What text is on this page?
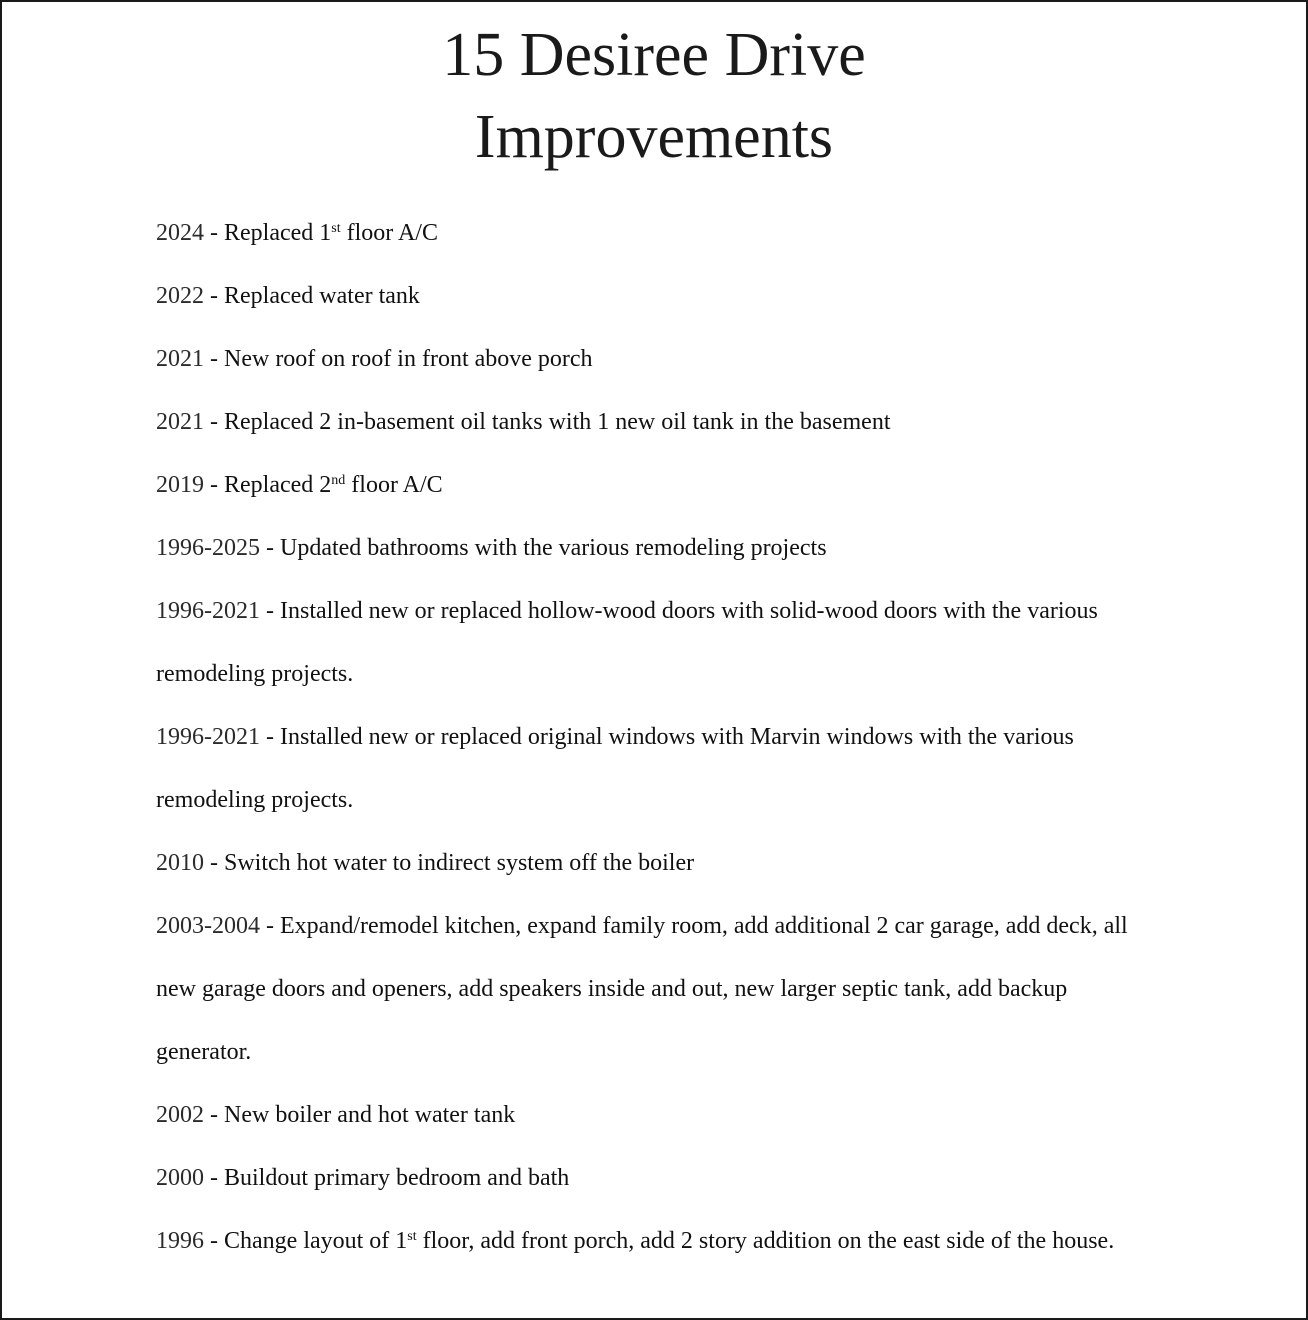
15 Desiree Drive
Improvements

2024 - Replaced 1st floor A/C

2022 - Replaced water tank

2021 - New roof on roof in front above porch

2021 - Replaced 2 in-basement oil tanks with 1 new oil tank in the basement

2019 - Replaced 2nd floor A/C

1996-2025 - Updated bathrooms with the various remodeling projects

1996-2021 - Installed new or replaced hollow-wood doors with solid-wood doors with the various remodeling projects.

1996-2021 - Installed new or replaced original windows with Marvin windows with the various remodeling projects.

2010 - Switch hot water to indirect system off the boiler

2003-2004 - Expand/remodel kitchen, expand family room, add additional 2 car garage, add deck, all new garage doors and openers, add speakers inside and out, new larger septic tank, add backup generator.

2002 - New boiler and hot water tank

2000 - Buildout primary bedroom and bath

1996 - Change layout of 1st floor, add front porch, add 2 story addition on the east side of the house.
